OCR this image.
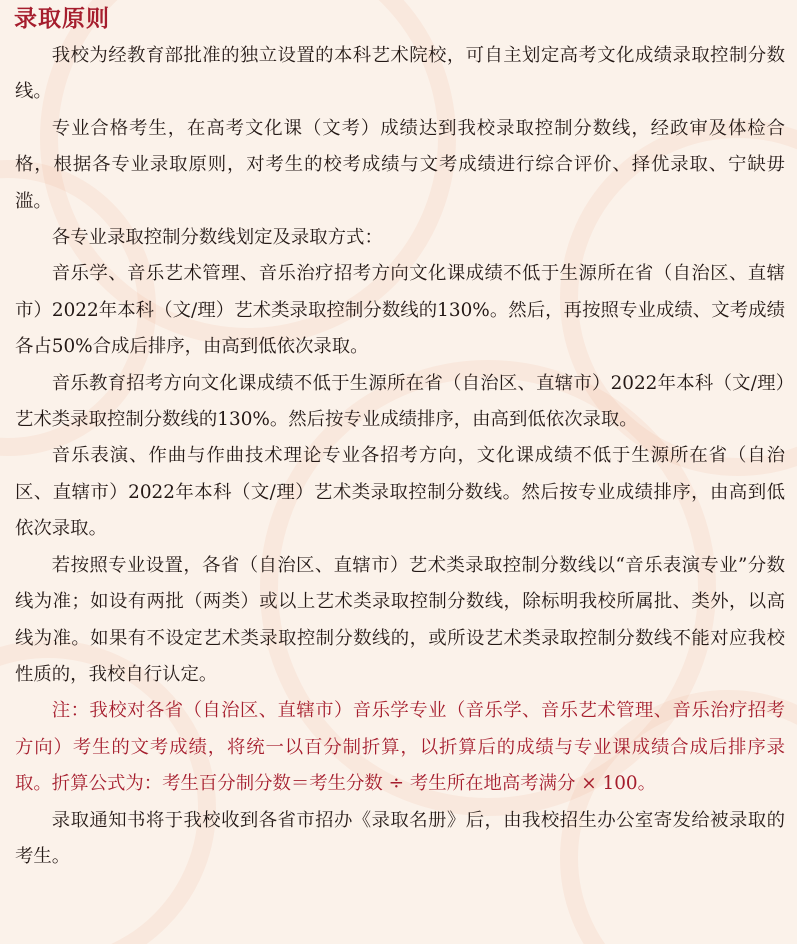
录取原则

我校为经教育部批准的独立设置的本科艺术院校，可自主划定高考文化成绩录取控制分数线。

专业合格考生，在高考文化课（文考）成绩达到我校录取控制分数线，经政审及体检合格，根据各专业录取原则，对考生的校考成绩与文考成绩进行综合评价、择优录取、宁缺毋滥。

各专业录取控制分数线划定及录取方式：

音乐学、音乐艺术管理、音乐治疗招考方向文化课成绩不低于生源所在省（自治区、直辖市）2022年本科（文/理）艺术类录取控制分数线的130%。然后，再按照专业成绩、文考成绩各占50%合成后排序，由高到低依次录取。

音乐教育招考方向文化课成绩不低于生源所在省（自治区、直辖市）2022年本科（文/理）艺术类录取控制分数线的130%。然后按专业成绩排序，由高到低依次录取。

音乐表演、作曲与作曲技术理论专业各招考方向，文化课成绩不低于生源所在省（自治区、直辖市）2022年本科（文/理）艺术类录取控制分数线。然后按专业成绩排序，由高到低依次录取。

若按照专业设置，各省（自治区、直辖市）艺术类录取控制分数线以“音乐表演专业”分数线为准；如设有两批（两类）或以上艺术类录取控制分数线，除标明我校所属批、类外，以高线为准。如果有不设定艺术类录取控制分数线的，或所设艺术类录取控制分数线不能对应我校性质的，我校自行认定。

注：我校对各省（自治区、直辖市）音乐学专业（音乐学、音乐艺术管理、音乐治疗招考方向）考生的文考成绩，将统一以百分制折算，以折算后的成绩与专业课成绩合成后排序录取。折算公式为：考生百分制分数＝考生分数 ÷ 考生所在地高考满分 × 100。

录取通知书将于我校收到各省市招办《录取名册》后，由我校招生办公室寄发给被录取的考生。
